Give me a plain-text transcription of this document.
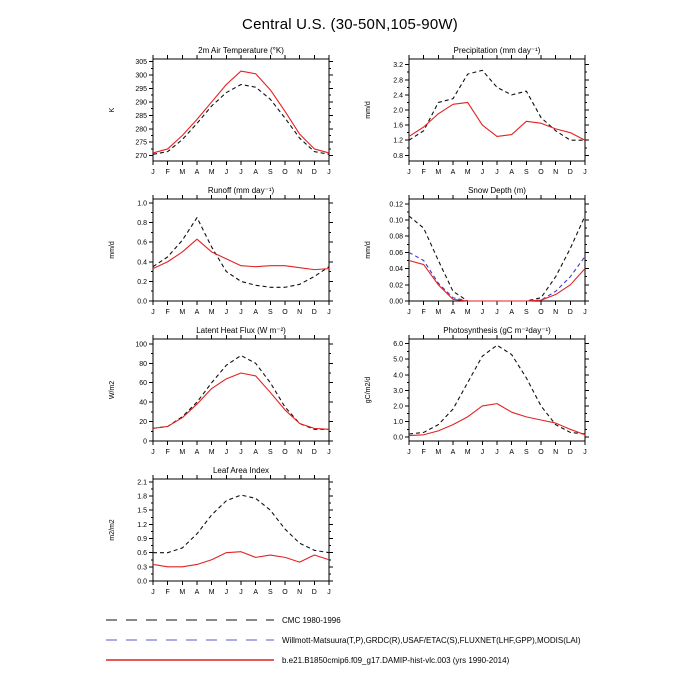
Central U.S. (30-50N,105-90W)
2m Air Temperature (°K)
270
275
280
285
290
295
300
305
J F M A M J J A S O N D J
K
Precipitation (mm day⁻¹)
0.8
1.2
1.6
2.0
2.4
2.8
3.2
J F M A M J J A S O N D J
mm/d
Runoff (mm day⁻¹)
0.0
0.2
0.4
0.6
0.8
1.0
J F M A M J J A S O N D J
mm/d
Snow Depth (m)
0.00
0.02
0.04
0.06
0.08
0.10
0.12
J F M A M J J A S O N D J
mm/d
Latent Heat Flux (W m⁻²)
0
20
40
60
80
100
J F M A M J J A S O N D J
W/m2
Photosynthesis (gC m⁻²day⁻¹)
0.0
1.0
2.0
3.0
4.0
5.0
6.0
J F M A M J J A S O N D J
gC/m2/d
Leaf Area Index
0.0
0.3
0.6
0.9
1.2
1.5
1.8
2.1
J F M A M J J A S O N D J
m2/m2
CMC 1980-1996
Willmott-Matsuura(T,P),GRDC(R),USAF/ETAC(S),FLUXNET(LHF,GPP),MODIS(LAI)
b.e21.B1850cmip6.f09_g17.DAMIP-hist-vlc.003 (yrs 1990-2014)
